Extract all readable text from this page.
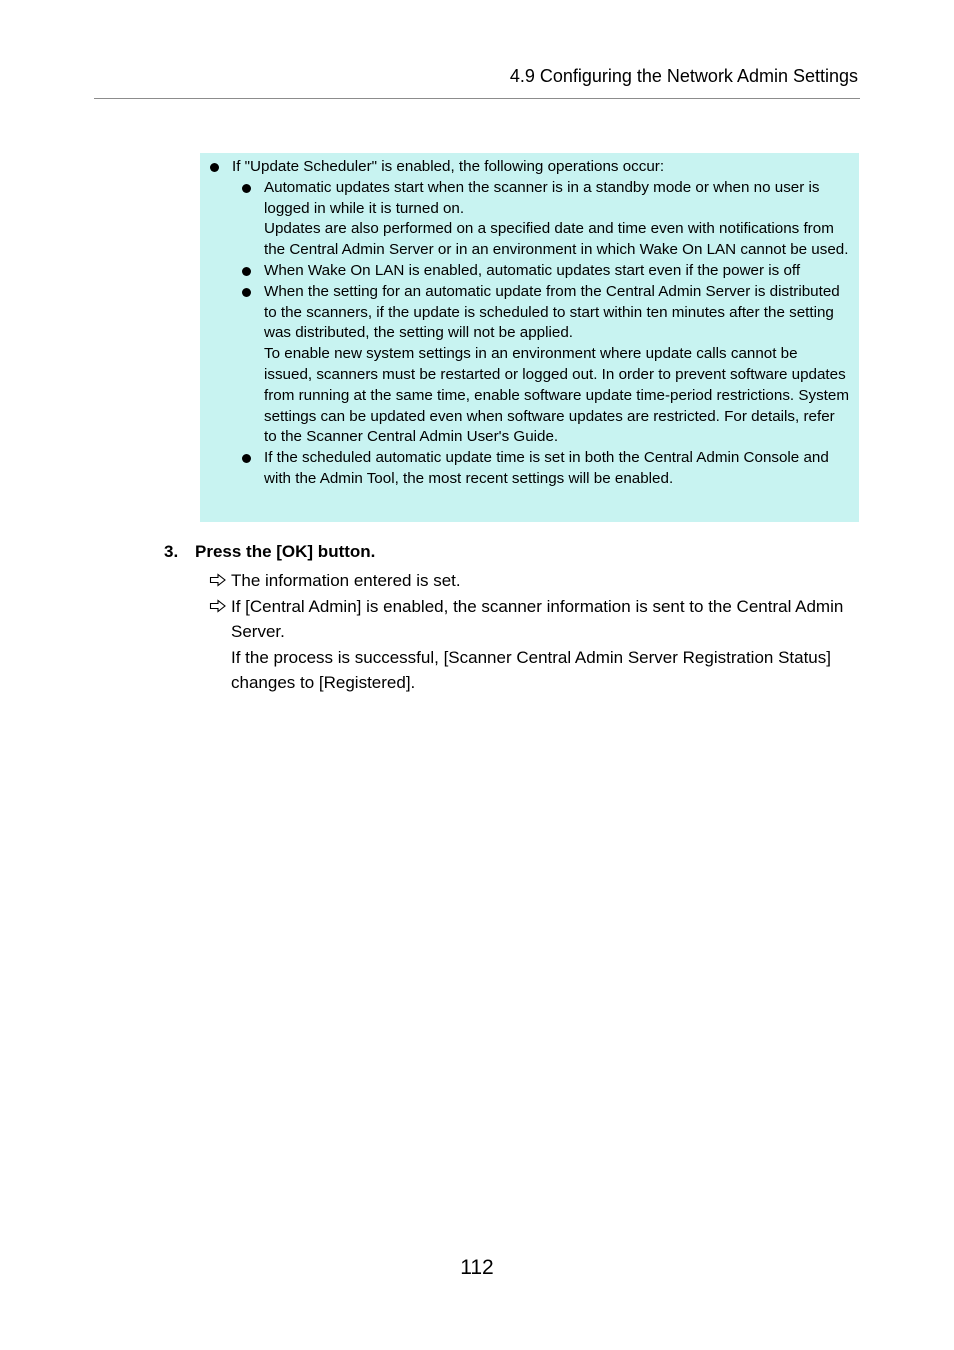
4.9 Configuring the Network Admin Settings
If "Update Scheduler" is enabled, the following operations occur:
Automatic updates start when the scanner is in a standby mode or when no user is logged in while it is turned on.
Updates are also performed on a specified date and time even with notifications from the Central Admin Server or in an environment in which Wake On LAN cannot be used.
When Wake On LAN is enabled, automatic updates start even if the power is off
When the setting for an automatic update from the Central Admin Server is distributed to the scanners, if the update is scheduled to start within ten minutes after the setting was distributed, the setting will not be applied.
To enable new system settings in an environment where update calls cannot be issued, scanners must be restarted or logged out. In order to prevent software updates from running at the same time, enable software update time-period restrictions. System settings can be updated even when software updates are restricted. For details, refer to the Scanner Central Admin User's Guide.
If the scheduled automatic update time is set in both the Central Admin Console and with the Admin Tool, the most recent settings will be enabled.
3. Press the [OK] button.
The information entered is set.
If [Central Admin] is enabled, the scanner information is sent to the Central Admin Server.
If the process is successful, [Scanner Central Admin Server Registration Status] changes to [Registered].
112
